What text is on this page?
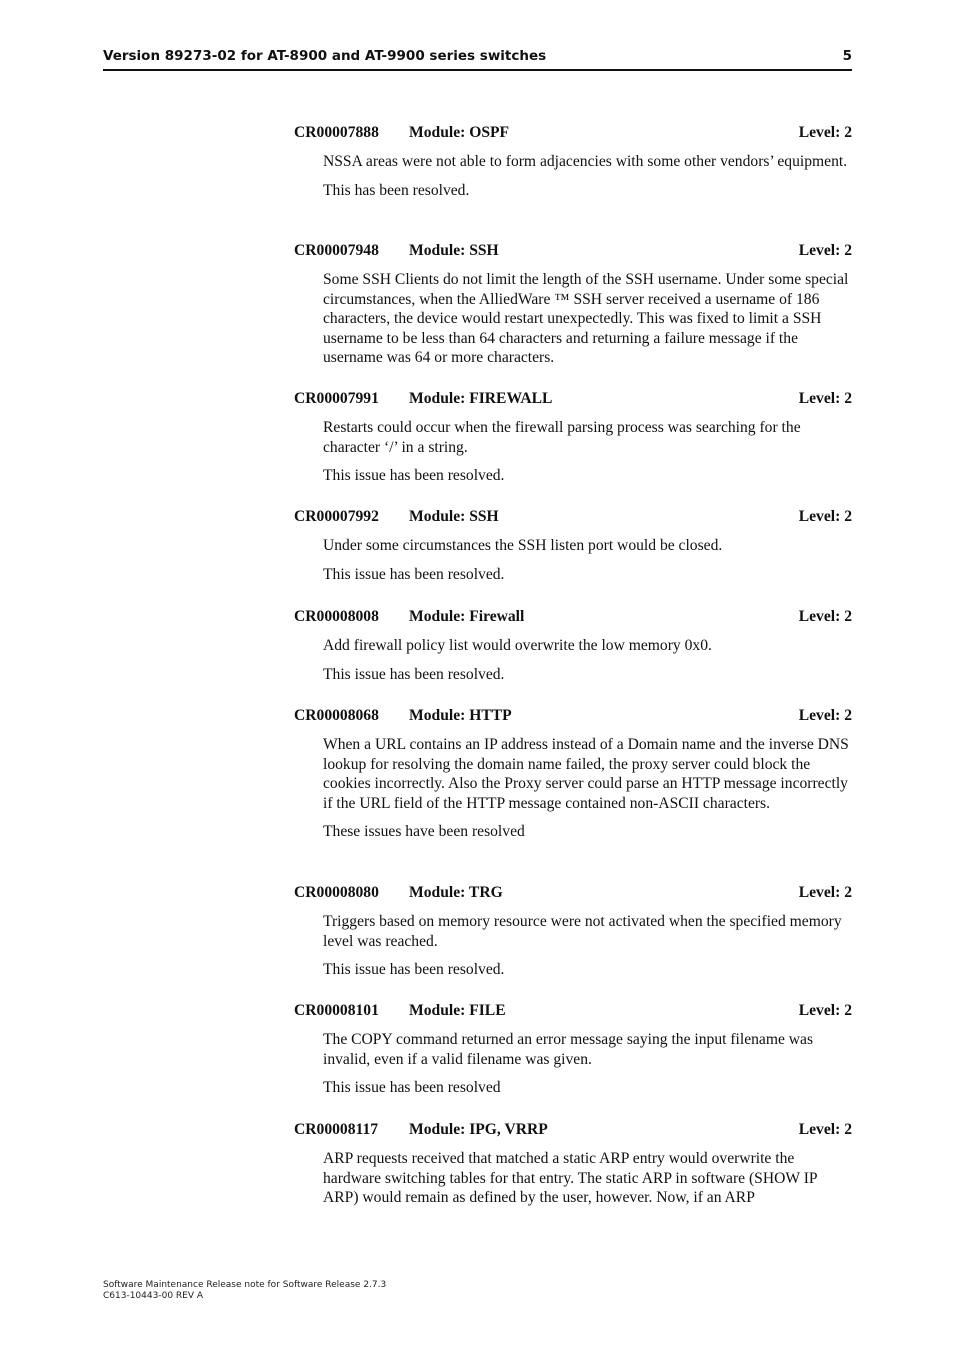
Version 89273-02 for AT-8900 and AT-9900 series switches	5
CR00007888 Module: OSPF	Level: 2

NSSA areas were not able to form adjacencies with some other vendors’ equipment.

This has been resolved.

CR00007948 Module: SSH	Level: 2

Some SSH Clients do not limit the length of the SSH username. Under some special circumstances, when the AlliedWare ™ SSH server received a username of 186 characters, the device would restart unexpectedly. This was fixed to limit a SSH username to be less than 64 characters and returning a failure message if the username was 64 or more characters.

CR00007991 Module: FIREWALL	Level: 2

Restarts could occur when the firewall parsing process was searching for the character ‘/’ in a string.

This issue has been resolved.

CR00007992 Module: SSH	Level: 2

Under some circumstances the SSH listen port would be closed.

This issue has been resolved.

CR00008008 Module: Firewall	Level: 2

Add firewall policy list would overwrite the low memory 0x0.

This issue has been resolved.

CR00008068 Module: HTTP	Level: 2

When a URL contains an IP address instead of a Domain name and the inverse DNS lookup for resolving the domain name failed, the proxy server could block the cookies incorrectly. Also the Proxy server could parse an HTTP message incorrectly if the URL field of the HTTP message contained non-ASCII characters.

These issues have been resolved

CR00008080 Module: TRG	Level: 2

Triggers based on memory resource were not activated when the specified memory level was reached.

This issue has been resolved.

CR00008101 Module: FILE	Level: 2

The COPY command returned an error message saying the input filename was invalid, even if a valid filename was given.

This issue has been resolved

CR00008117 Module: IPG, VRRP	Level: 2

ARP requests received that matched a static ARP entry would overwrite the hardware switching tables for that entry. The static ARP in software (SHOW IP ARP) would remain as defined by the user, however. Now, if an ARP

Software Maintenance Release note for Software Release 2.7.3
C613-10443-00 REV A
